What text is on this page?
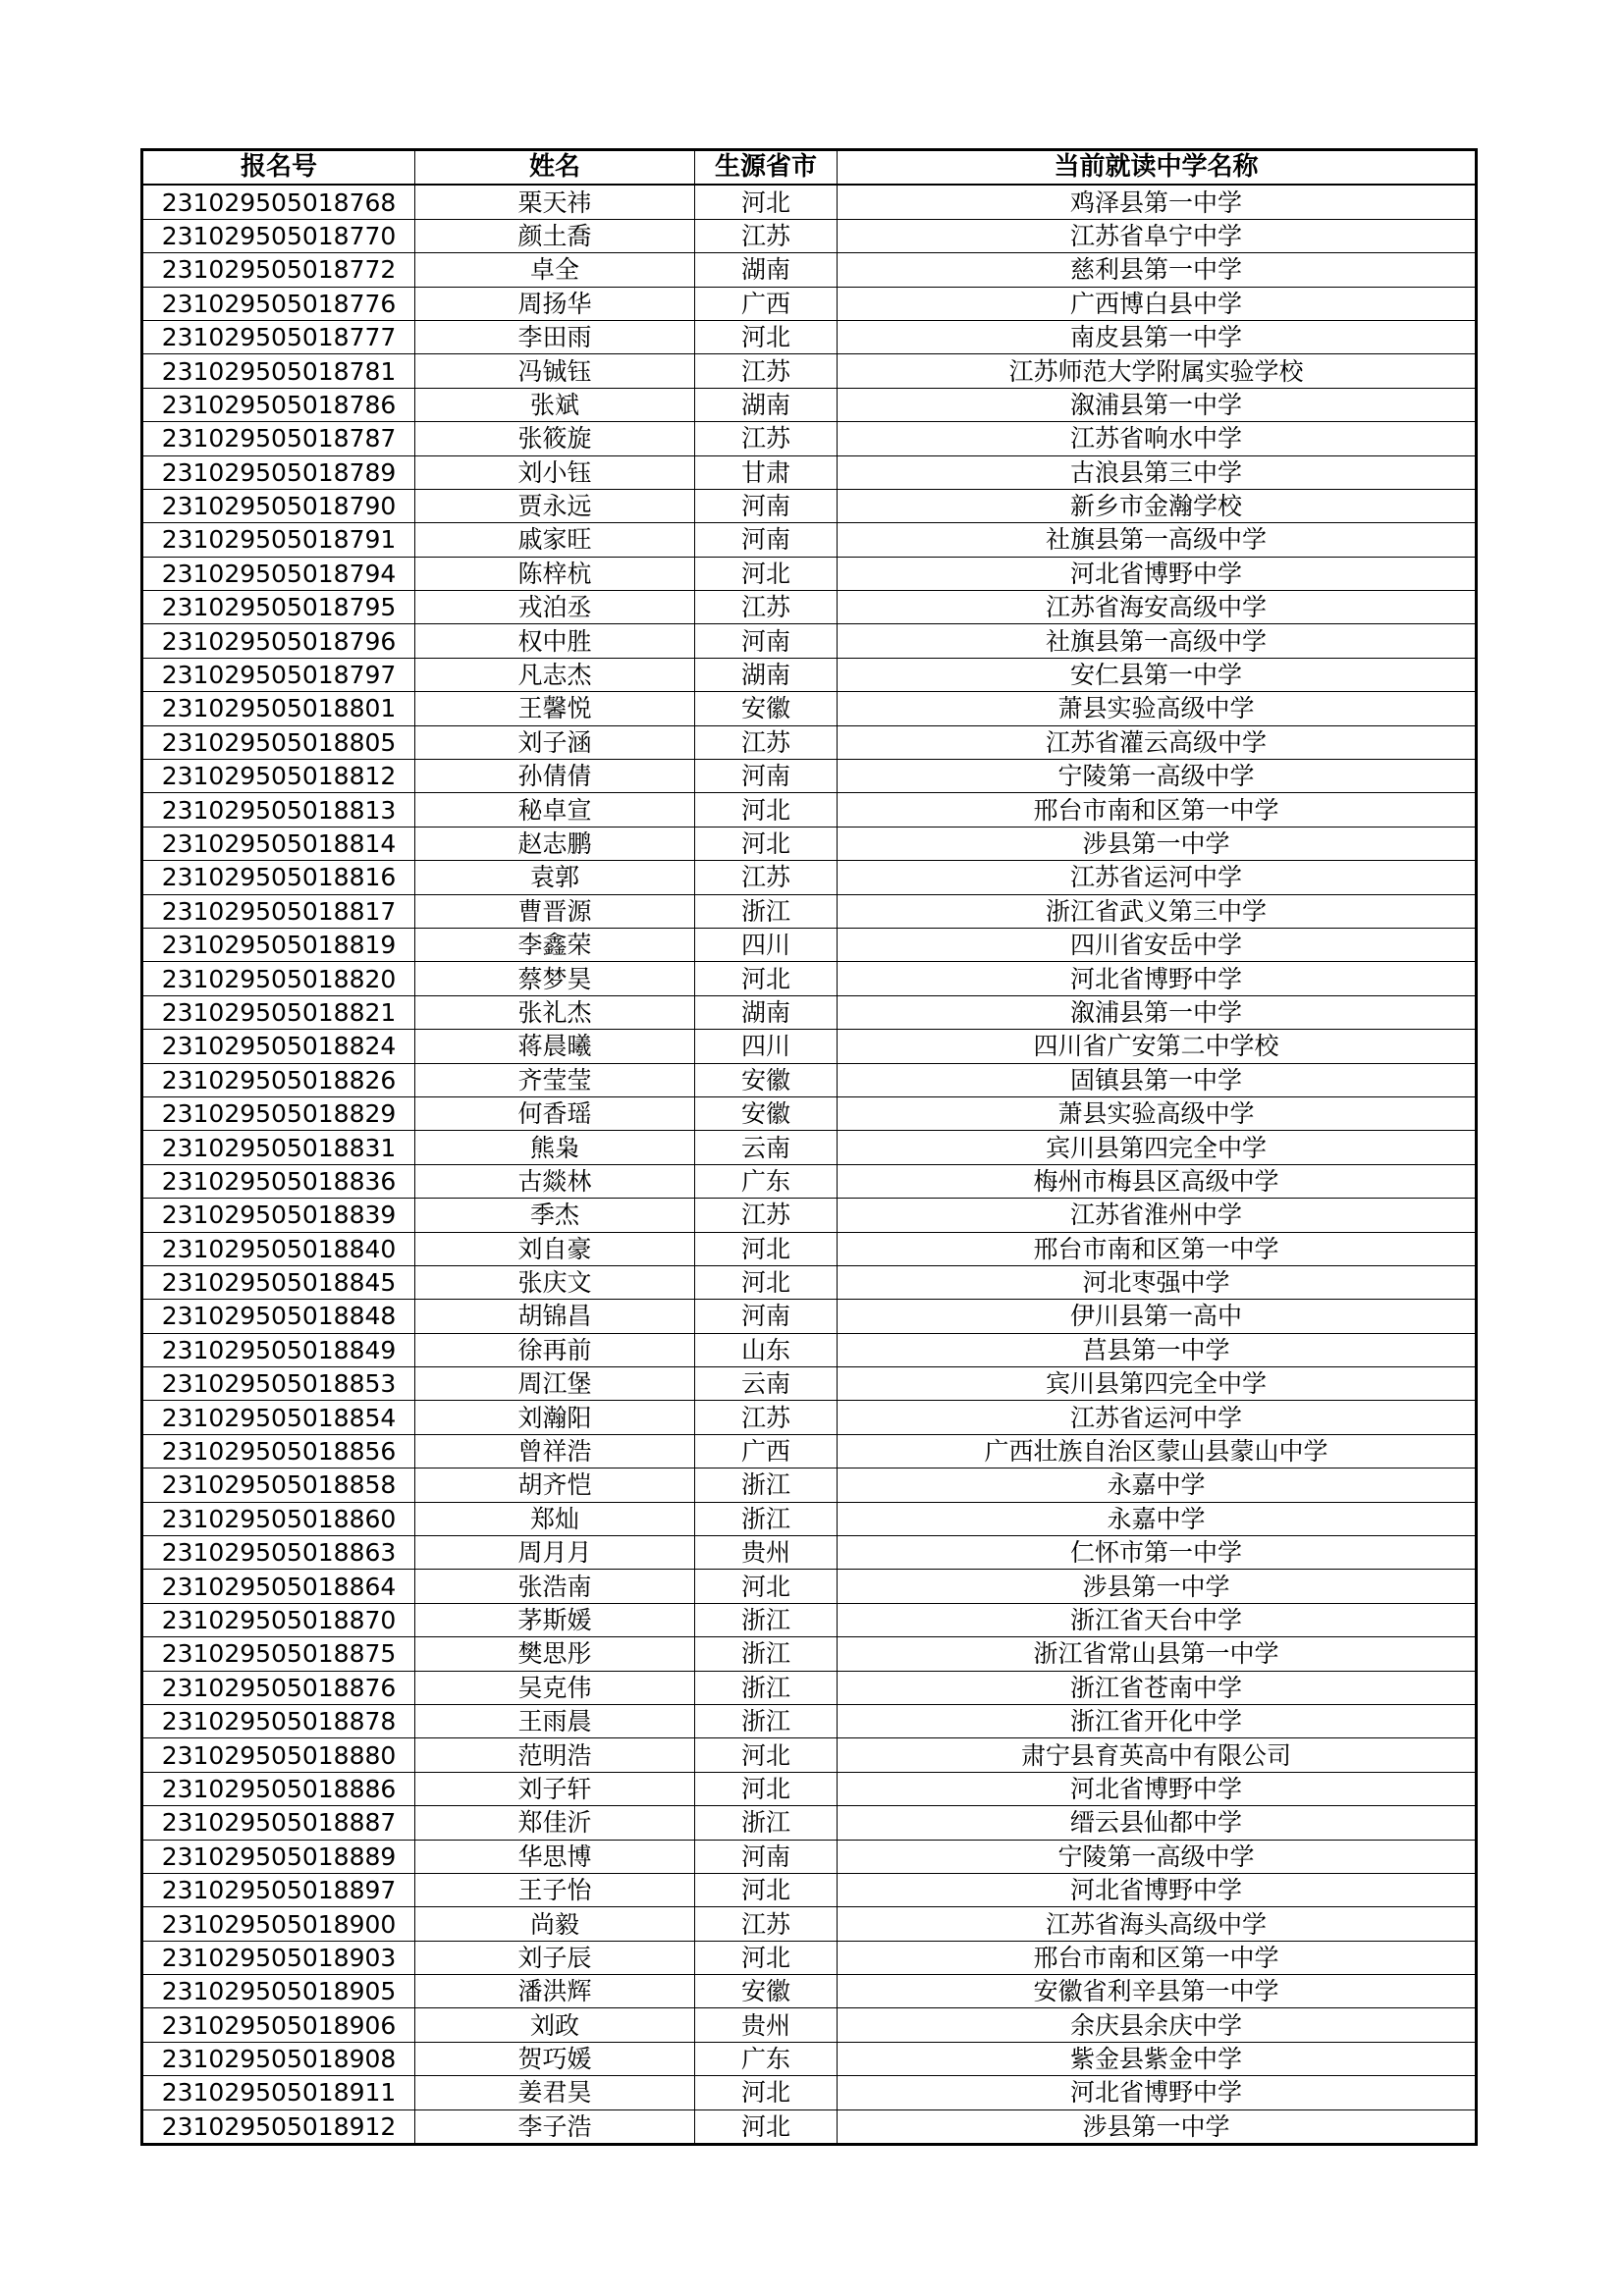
报名号	姓名	生源省市	当前就读中学名称
231029505018768	栗天祎	河北	鸡泽县第一中学
231029505018770	颜土喬	江苏	江苏省阜宁中学
231029505018772	卓全	湖南	慈利县第一中学
231029505018776	周扬华	广西	广西博白县中学
231029505018777	李田雨	河北	南皮县第一中学
231029505018781	冯铖钰	江苏	江苏师范大学附属实验学校
231029505018786	张斌	湖南	溆浦县第一中学
231029505018787	张筱旋	江苏	江苏省响水中学
231029505018789	刘小钰	甘肃	古浪县第三中学
231029505018790	贾永远	河南	新乡市金瀚学校
231029505018791	戚家旺	河南	社旗县第一高级中学
231029505018794	陈梓杭	河北	河北省博野中学
231029505018795	戎泊丞	江苏	江苏省海安高级中学
231029505018796	权中胜	河南	社旗县第一高级中学
231029505018797	凡志杰	湖南	安仁县第一中学
231029505018801	王馨悦	安徽	萧县实验高级中学
231029505018805	刘子涵	江苏	江苏省灌云高级中学
231029505018812	孙倩倩	河南	宁陵第一高级中学
231029505018813	秘卓宣	河北	邢台市南和区第一中学
231029505018814	赵志鹏	河北	涉县第一中学
231029505018816	袁郭	江苏	江苏省运河中学
231029505018817	曹晋源	浙江	浙江省武义第三中学
231029505018819	李鑫荣	四川	四川省安岳中学
231029505018820	蔡梦昊	河北	河北省博野中学
231029505018821	张礼杰	湖南	溆浦县第一中学
231029505018824	蒋晨曦	四川	四川省广安第二中学校
231029505018826	齐莹莹	安徽	固镇县第一中学
231029505018829	何香瑶	安徽	萧县实验高级中学
231029505018831	熊枭	云南	宾川县第四完全中学
231029505018836	古燚林	广东	梅州市梅县区高级中学
231029505018839	季杰	江苏	江苏省淮州中学
231029505018840	刘自豪	河北	邢台市南和区第一中学
231029505018845	张庆文	河北	河北枣强中学
231029505018848	胡锦昌	河南	伊川县第一高中
231029505018849	徐再前	山东	莒县第一中学
231029505018853	周江堡	云南	宾川县第四完全中学
231029505018854	刘瀚阳	江苏	江苏省运河中学
231029505018856	曾祥浩	广西	广西壮族自治区蒙山县蒙山中学
231029505018858	胡齐恺	浙江	永嘉中学
231029505018860	郑灿	浙江	永嘉中学
231029505018863	周月月	贵州	仁怀市第一中学
231029505018864	张浩南	河北	涉县第一中学
231029505018870	茅斯媛	浙江	浙江省天台中学
231029505018875	樊思彤	浙江	浙江省常山县第一中学
231029505018876	吴克伟	浙江	浙江省苍南中学
231029505018878	王雨晨	浙江	浙江省开化中学
231029505018880	范明浩	河北	肃宁县育英高中有限公司
231029505018886	刘子轩	河北	河北省博野中学
231029505018887	郑佳沂	浙江	缙云县仙都中学
231029505018889	华思博	河南	宁陵第一高级中学
231029505018897	王子怡	河北	河北省博野中学
231029505018900	尚毅	江苏	江苏省海头高级中学
231029505018903	刘子辰	河北	邢台市南和区第一中学
231029505018905	潘洪辉	安徽	安徽省利辛县第一中学
231029505018906	刘政	贵州	余庆县余庆中学
231029505018908	贺巧媛	广东	紫金县紫金中学
231029505018911	姜君昊	河北	河北省博野中学
231029505018912	李子浩	河北	涉县第一中学
